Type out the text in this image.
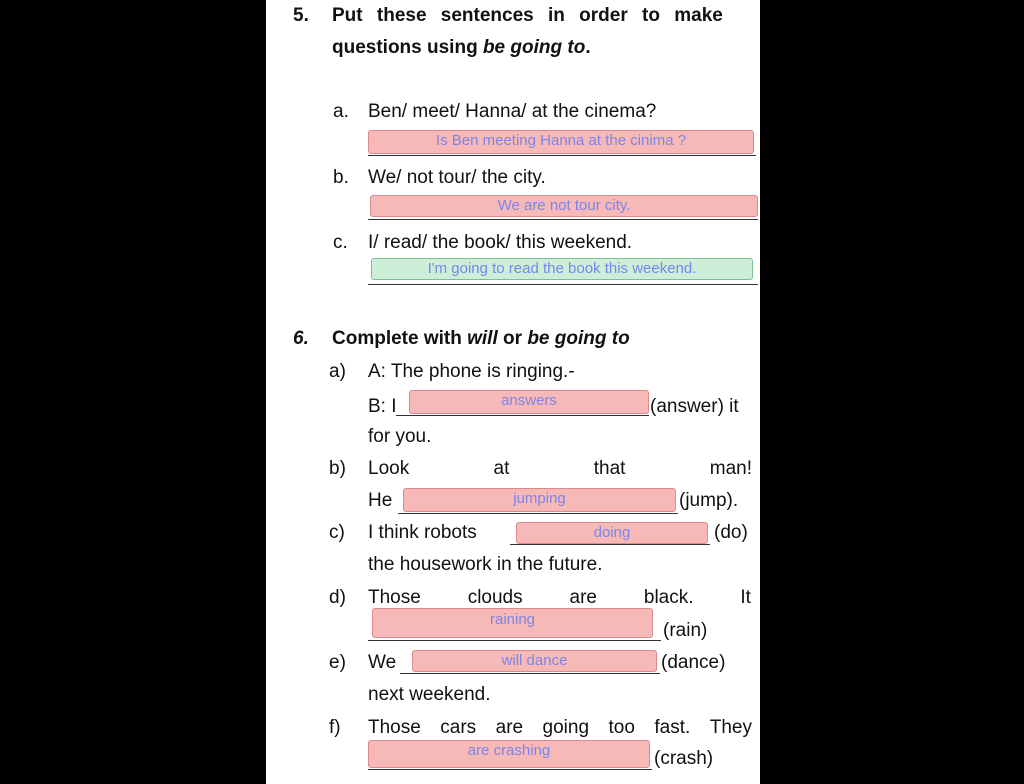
5. Put these sentences in order to make
questions using be going to.
a. Ben/ meet/ Hanna/ at the cinema?
Is Ben meeting Hanna at the cinima ?
b. We/ not tour/ the city.
We are not tour city.
c. I/ read/ the book/ this weekend.
I'm going to read the book this weekend.
6. Complete with will or be going to
a) A: The phone is ringing.-
B: I	answers	(answer) it
for you.
b) Look	at	that	man!
He	jumping	(jump).
c) I think robots	doing	(do)
the housework in the future.
d) Those clouds are black. It
raining
(rain)
e) We	will dance	(dance)
next weekend.
f) Those cars are going too fast. They
are crashing	(crash)
